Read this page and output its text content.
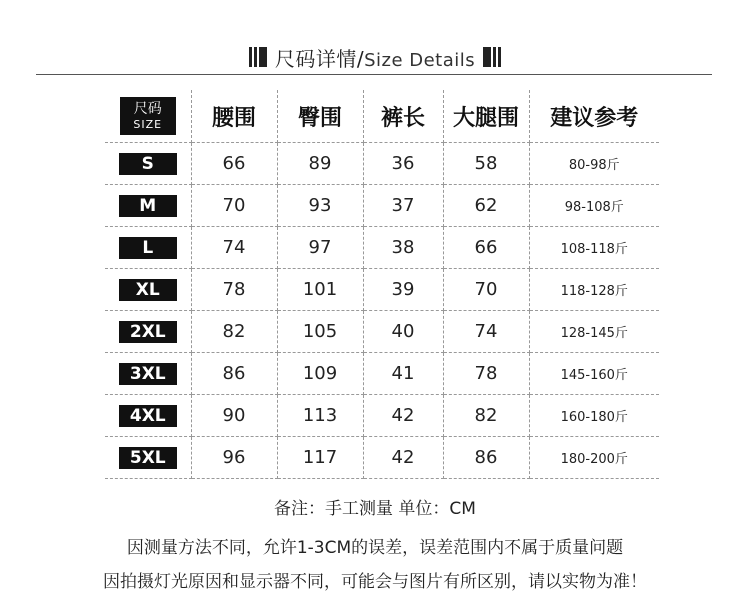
尺码详情/Size Details
尺码
SIZE	腰围	臀围	裤长	大腿围	建议参考
S	66	89	36	58	80-98斤
M	70	93	37	62	98-108斤
L	74	97	38	66	108-118斤
XL	78	101	39	70	118-128斤
2XL	82	105	40	74	128-145斤
3XL	86	109	41	78	145-160斤
4XL	90	113	42	82	160-180斤
5XL	96	117	42	86	180-200斤
备注：手工测量 单位：CM
因测量方法不同，允许1-3CM的误差，误差范围内不属于质量问题
因拍摄灯光原因和显示器不同，可能会与图片有所区别，请以实物为准！
